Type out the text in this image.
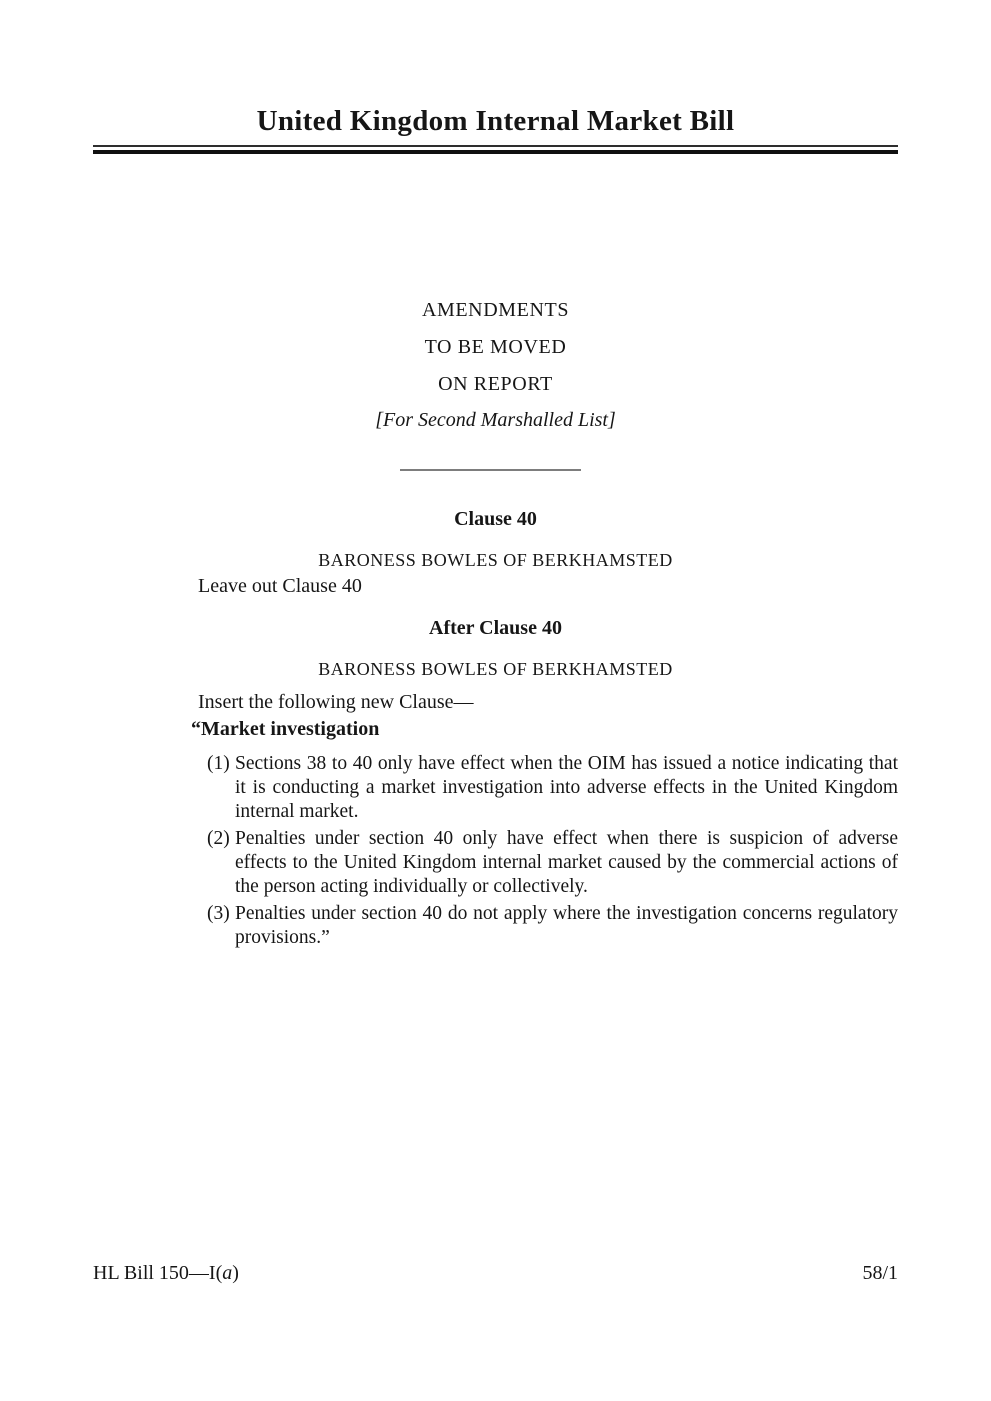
United Kingdom Internal Market Bill
AMENDMENTS
TO BE MOVED
ON REPORT
[For Second Marshalled List]
Clause 40
BARONESS BOWLES OF BERKHAMSTED
Leave out Clause 40
After Clause 40
BARONESS BOWLES OF BERKHAMSTED
Insert the following new Clause—
“Market investigation
(1) Sections 38 to 40 only have effect when the OIM has issued a notice indicating that it is conducting a market investigation into adverse effects in the United Kingdom internal market.
(2) Penalties under section 40 only have effect when there is suspicion of adverse effects to the United Kingdom internal market caused by the commercial actions of the person acting individually or collectively.
(3) Penalties under section 40 do not apply where the investigation concerns regulatory provisions.”
HL Bill 150—I(a)	58/1
